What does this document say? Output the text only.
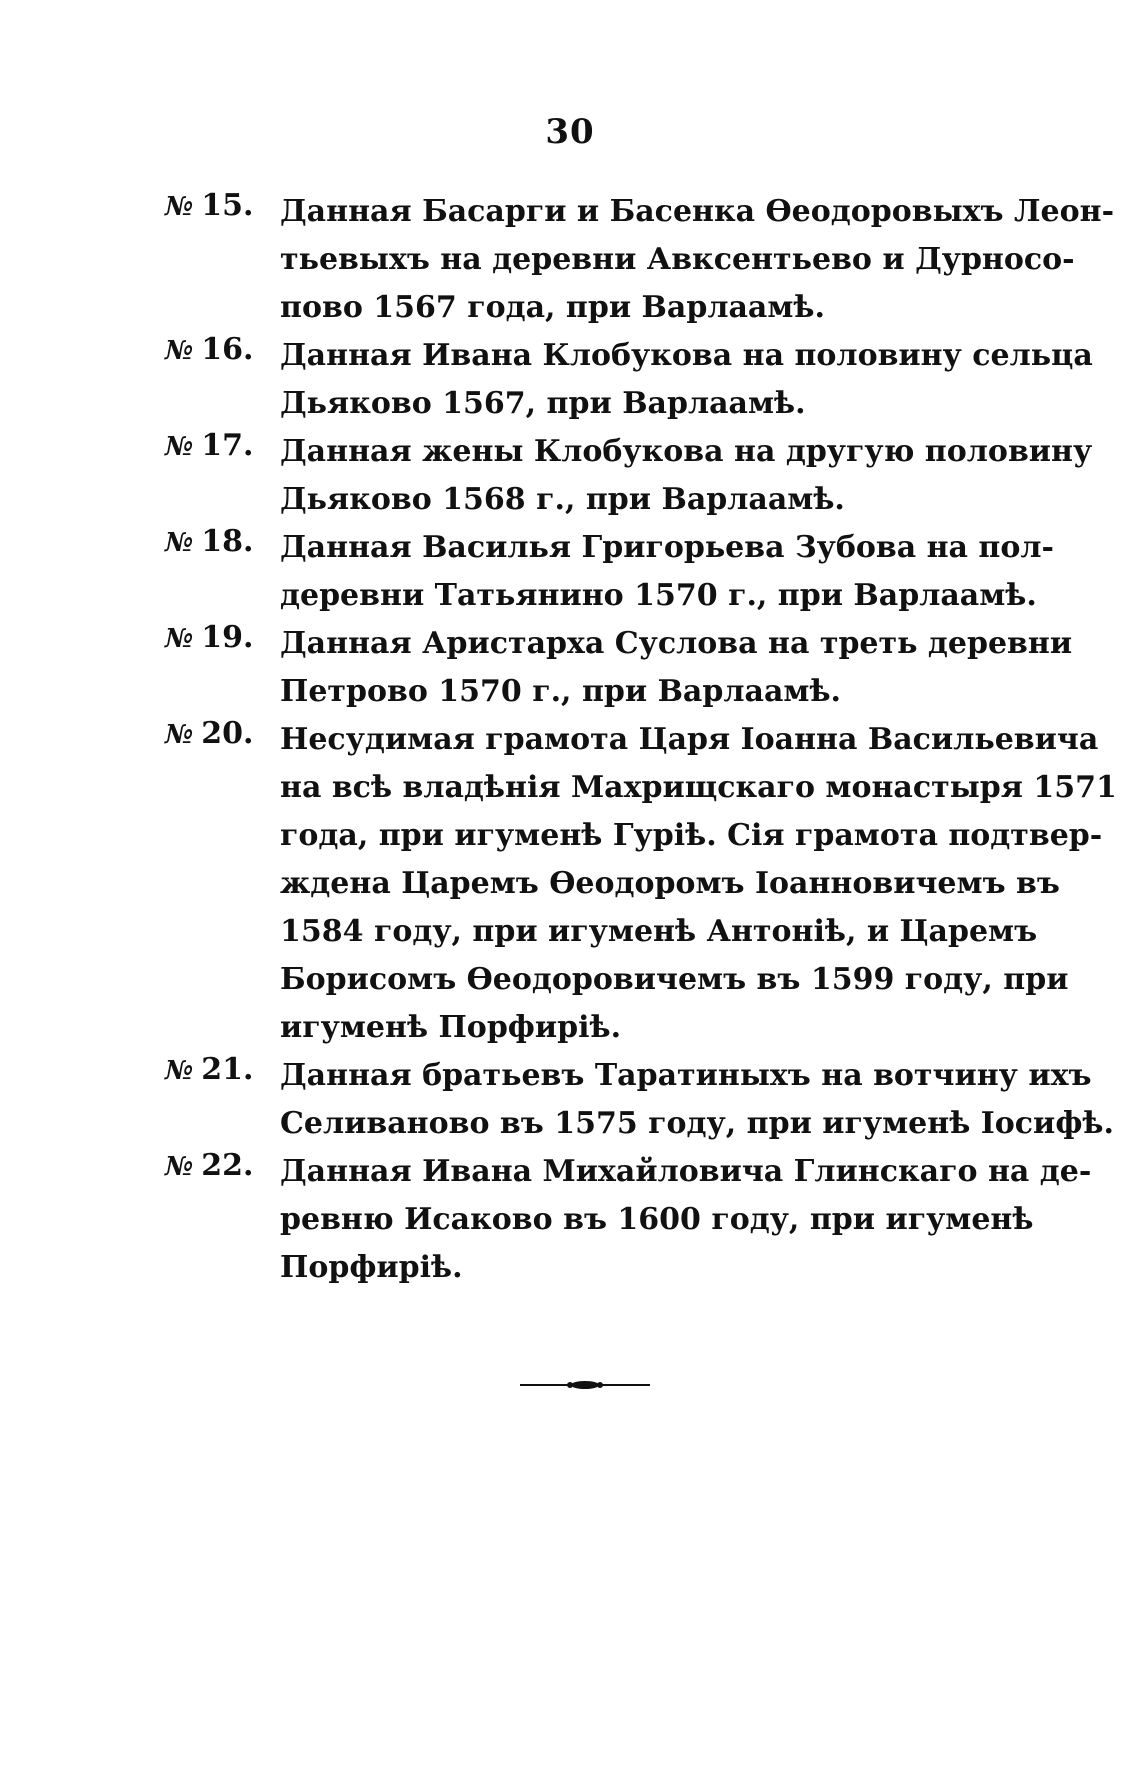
30
№ 15. Данная Басарги и Басенка Өеодоровыхъ Леон-
тьевыхъ на деревни Авксентьево и Дурносо-
пово 1567 года, при Варлаамѣ.
№ 16. Данная Ивана Клобукова на половину сельца
Дьяково 1567, при Варлаамѣ.
№ 17. Данная жены Клобукова на другую половину
Дьяково 1568 г., при Варлаамѣ.
№ 18. Данная Василья Григорьева Зубова на пол-
деревни Татьянино 1570 г., при Варлаамѣ.
№ 19. Данная Аристарха Суслова на треть деревни
Петрово 1570 г., при Варлаамѣ.
№ 20. Несудимая грамота Царя Іоанна Васильевича
на всѣ владѣнія Махрищскаго монастыря 1571
года, при игуменѣ Гуріѣ. Сія грамота подтвер-
ждена Царемъ Өеодоромъ Іоанновичемъ въ
1584 году, при игуменѣ Антоніѣ, и Царемъ
Борисомъ Өеодоровичемъ въ 1599 году, при
игуменѣ Порфиріѣ.
№ 21. Данная братьевъ Таратиныхъ на вотчину ихъ
Селиваново въ 1575 году, при игуменѣ Іосифѣ.
№ 22. Данная Ивана Михайловича Глинскаго на де-
ревню Исаково въ 1600 году, при игуменѣ
Порфиріѣ.
